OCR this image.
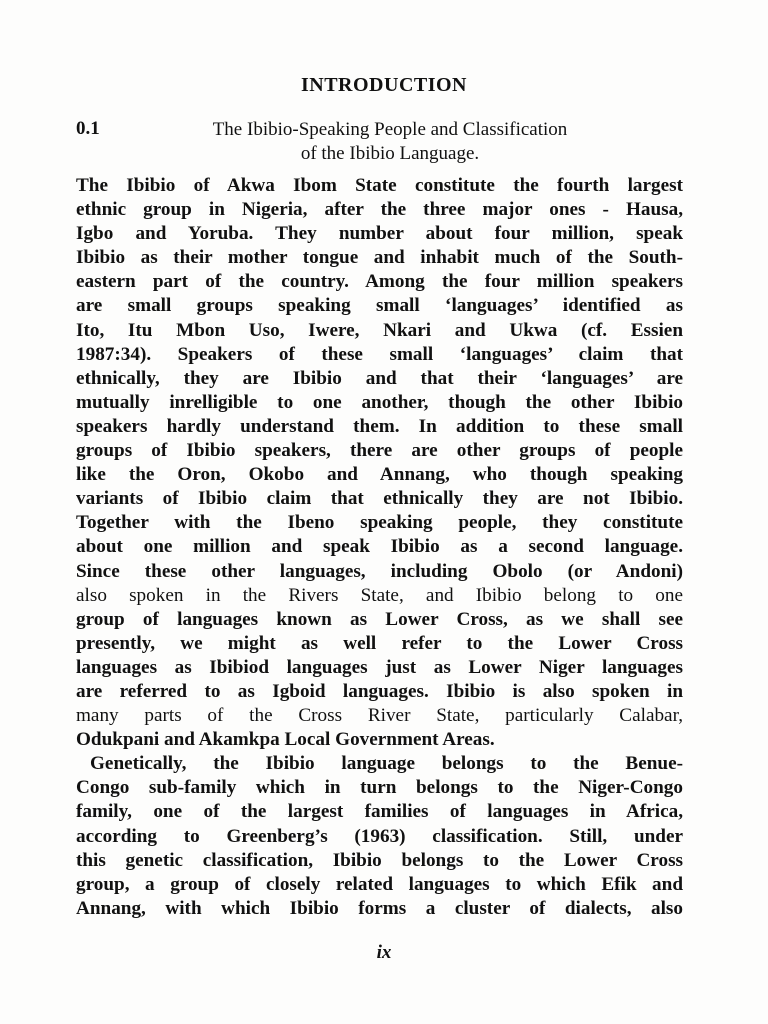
INTRODUCTION
0.1	The Ibibio-Speaking People and Classification
of the Ibibio Language.
The Ibibio of Akwa Ibom State constitute the fourth largest
ethnic group in Nigeria, after the three major ones - Hausa,
Igbo and Yoruba. They number about four million, speak
Ibibio as their mother tongue and inhabit much of the South-
eastern part of the country. Among the four million speakers
are small groups speaking small ‘languages’ identified as
Ito, Itu Mbon Uso, Iwere, Nkari and Ukwa (cf. Essien
1987:34). Speakers of these small ‘languages’ claim that
ethnically, they are Ibibio and that their ‘languages’ are
mutually inrelligible to one another, though the other Ibibio
speakers hardly understand them. In addition to these small
groups of Ibibio speakers, there are other groups of people
like the Oron, Okobo and Annang, who though speaking
variants of Ibibio claim that ethnically they are not Ibibio.
Together with the Ibeno speaking people, they constitute
about one million and speak Ibibio as a second language.
Since these other languages, including Obolo (or Andoni)
also spoken in the Rivers State, and Ibibio belong to one
group of languages known as Lower Cross, as we shall see
presently, we might as well refer to the Lower Cross
languages as Ibibiod languages just as Lower Niger languages
are referred to as Igboid languages. Ibibio is also spoken in
many parts of the Cross River State, particularly Calabar,
Odukpani and Akamkpa Local Government Areas.
Genetically, the Ibibio language belongs to the Benue-
Congo sub-family which in turn belongs to the Niger-Congo
family, one of the largest families of languages in Africa,
according to Greenberg’s (1963) classification. Still, under
this genetic classification, Ibibio belongs to the Lower Cross
group, a group of closely related languages to which Efik and
Annang, with which Ibibio forms a cluster of dialects, also
ix
